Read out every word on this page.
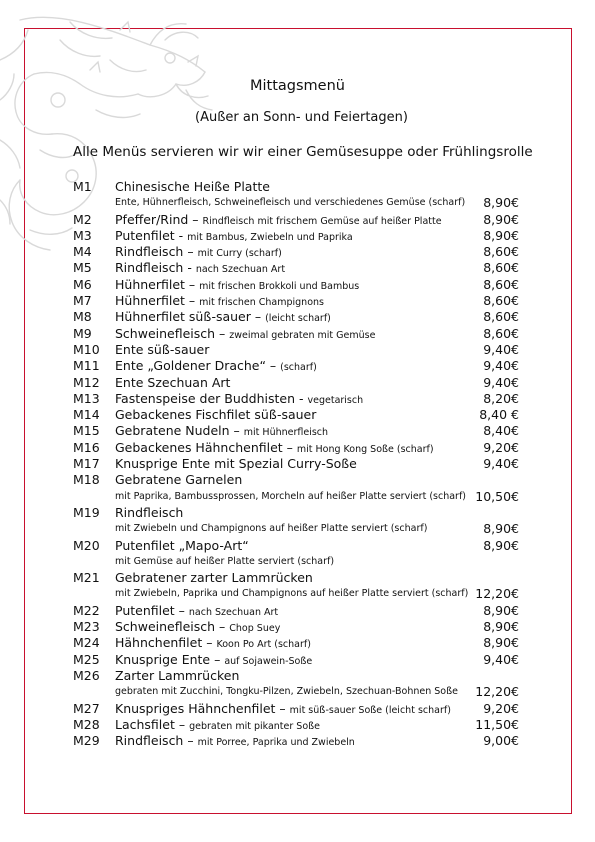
Mittagsmenü
(Außer an Sonn- und Feiertagen)
Alle Menüs servieren wir wir einer Gemüsesuppe oder Frühlingsrolle
M1 Chinesische Heiße Platte
Ente, Hühnerfleisch, Schweinefleisch und verschiedenes Gemüse (scharf) 8,90€
M2 Pfeffer/Rind – Rindfleisch mit frischem Gemüse auf heißer Platte	8,90€
M3 Putenfilet - mit Bambus, Zwiebeln und Paprika	8,90€
M4 Rindfleisch – mit Curry (scharf)	8,60€
M5 Rindfleisch - nach Szechuan Art	8,60€
M6 Hühnerfilet – mit frischen Brokkoli und Bambus	8,60€
M7 Hühnerfilet – mit frischen Champignons	8,60€
M8 Hühnerfilet süß-sauer – (leicht scharf)	8,60€
M9 Schweinefleisch – zweimal gebraten mit Gemüse	8,60€
M10 Ente süß-sauer	9,40€
M11 Ente „Goldener Drache“ – (scharf)	9,40€
M12 Ente Szechuan Art	9,40€
M13 Fastenspeise der Buddhisten - vegetarisch	8,20€
M14 Gebackenes Fischfilet süß-sauer	8,40 €
M15 Gebratene Nudeln – mit Hühnerfleisch	8,40€
M16 Gebackenes Hähnchenfilet – mit Hong Kong Soße (scharf)	9,20€
M17 Knusprige Ente mit Spezial Curry-Soße	9,40€
M18 Gebratene Garnelen
mit Paprika, Bambussprossen, Morcheln auf heißer Platte serviert (scharf) 10,50€
M19 Rindfleisch
mit Zwiebeln und Champignons auf heißer Platte serviert (scharf)	8,90€
M20 Putenfilet „Mapo-Art“	8,90€
mit Gemüse auf heißer Platte serviert (scharf)
M21 Gebratener zarter Lammrücken
mit Zwiebeln, Paprika und Champignons auf heißer Platte serviert (scharf) 12,20€
M22 Putenfilet – nach Szechuan Art	8,90€
M23 Schweinefleisch – Chop Suey	8,90€
M24 Hähnchenfilet – Koon Po Art (scharf)	8,90€
M25 Knusprige Ente – auf Sojawein-Soße	9,40€
M26 Zarter Lammrücken
gebraten mit Zucchini, Tongku-Pilzen, Zwiebeln, Szechuan-Bohnen Soße 12,20€
M27 Knuspriges Hähnchenfilet – mit süß-sauer Soße (leicht scharf)	9,20€
M28 Lachsfilet – gebraten mit pikanter Soße	11,50€
M29 Rindfleisch – mit Porree, Paprika und Zwiebeln	9,00€
